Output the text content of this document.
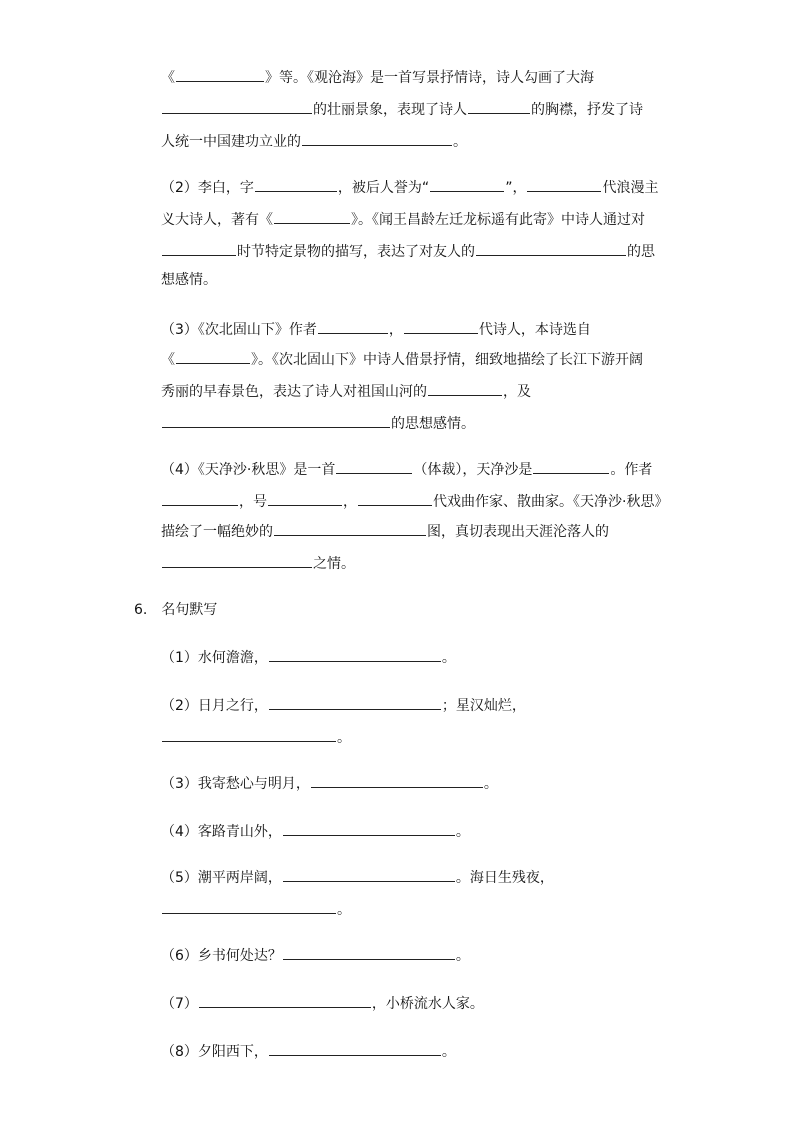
《	》等。《观沧海》是一首写景抒情诗，诗人勾画了大海
的壮丽景象，表现了诗人	的胸襟，抒发了诗
人统一中国建功立业的	。
（2）李白，字	，被后人誉为“	”，	代浪漫主
义大诗人，著有《	》。《闻王昌龄左迁龙标遥有此寄》中诗人通过对
时节特定景物的描写，表达了对友人的	的思
想感情。
（3）《次北固山下》作者	，	代诗人，本诗选自
《	》。《次北固山下》中诗人借景抒情，细致地描绘了长江下游开阔
秀丽的早春景色，表达了诗人对祖国山河的	，及
的思想感情。
（4）《天净沙·秋思》是一首	（体裁），天净沙是	。作者
，号	，	代戏曲作家、散曲家。《天净沙·秋思》
描绘了一幅绝妙的	图，真切表现出天涯沦落人的
之情。
6. 名句默写
（1）水何澹澹，	。
（2）日月之行，	；星汉灿烂，
。
（3）我寄愁心与明月，	。
（4）客路青山外，	。
（5）潮平两岸阔，	。海日生残夜，
。
（6）乡书何处达？	。
（7）	，小桥流水人家。
（8）夕阳西下，	。
